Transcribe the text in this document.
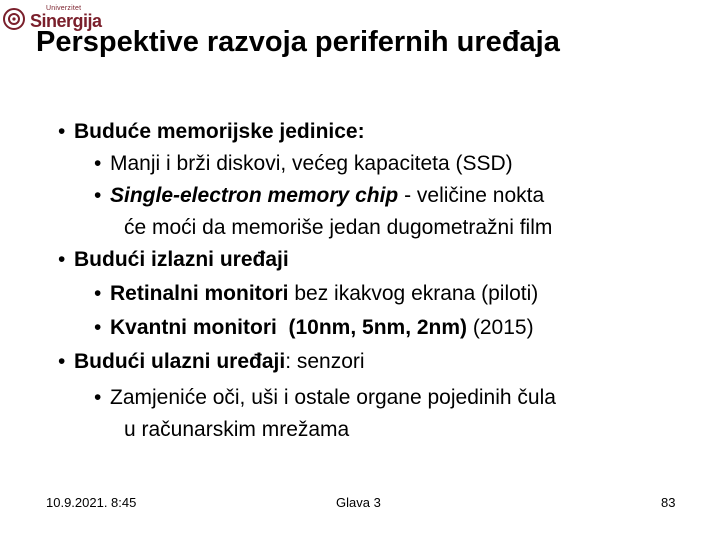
Univerzitet
Sinergija
Perspektive razvoja perifernih uređaja
• Buduće memorijske jedinice:
• Manji i brži diskovi, većeg kapaciteta (SSD)
• Single-electron memory chip - veličine nokta
će moći da memoriše jedan dugometražni film
• Budući izlazni uređaji
• Retinalni monitori bez ikakvog ekrana (piloti)
• Kvantni monitori  (10nm, 5nm, 2nm) (2015)
• Budući ulazni uređaji: senzori
• Zamjeniće oči, uši i ostale organe pojedinih čula
u računarskim mrežama
10.9.2021. 8:45	Glava 3	83
